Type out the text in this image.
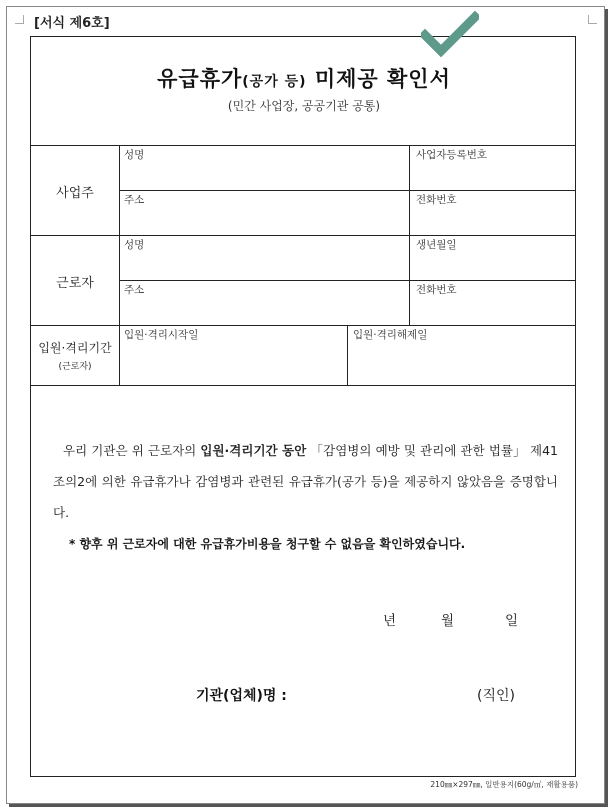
[서식 제6호]
유급휴가(공가 등) 미제공 확인서
(민간 사업장, 공공기관 공통)
사업주
성명	사업자등록번호
주소	전화번호
근로자
성명	생년월일
주소	전화번호
입원·격리기간
(근로자)
입원·격리시작일	입원·격리해제일
우리 기관은 위 근로자의 입원·격리기간 동안 「감염병의 예방 및 관리에 관한 법률」 제41조의2에 의한 유급휴가나 감염병과 관련된 유급휴가(공가 등)을 제공하지 않았음을 증명합니다.
* 향후 위 근로자에 대한 유급휴가비용을 청구할 수 없음을 확인하였습니다.
년	월	일
기관(업체)명 :	(직인)
210㎜×297㎜, 일반용지(60g/㎡, 재활용품)
